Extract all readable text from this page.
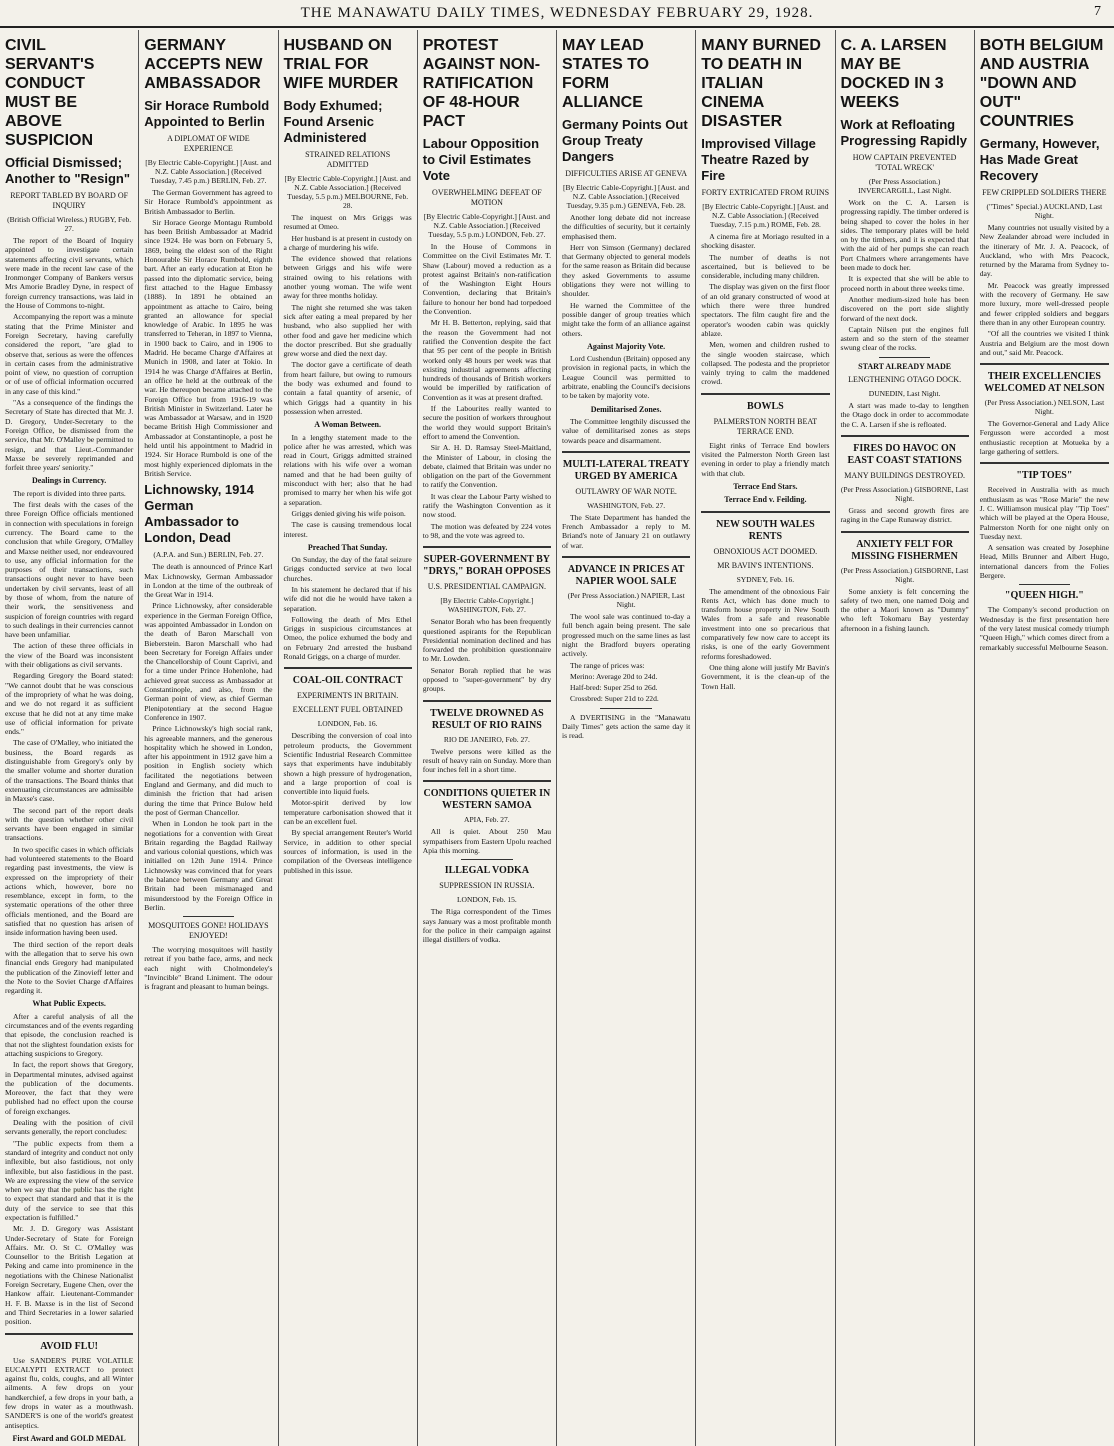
THE MANAWATU DAILY TIMES, WEDNESDAY FEBRUARY 29, 1928.	7
CIVIL SERVANT'S CONDUCT MUST BE ABOVE SUSPICION
Official Dismissed; Another to "Resign"
REPORT TABLED BY BOARD OF INQUIRY
(British Official Wireless.) RUGBY, Feb. 27.

The report of the Board of Inquiry appointed to investigate certain statements affecting civil servants, which were made in the recent law case of the Ironmonger Company of Bankers versus Mrs Amorie Bradley Dyne, in respect of foreign currency transactions, was laid in the House of Commons to-night.

Accompanying the report was a minute stating that the Prime Minister and Foreign Secretary, having carefully considered the report, "are glad to observe that, serious as were the offences in certain cases from the administrative point of view, no question of corruption or of use of official information occurred in any case of this kind."

"As a consequence of the findings the Secretary of State has directed that Mr. J. D. Gregory, Under-Secretary to the Foreign Office, be dismissed from the service, that Mr. O'Malley be permitted to resign, and that Lieut.-Commander Maxse be severely reprimanded and forfeit three years' seniority."

Dealings in Currency.

The report is divided into three parts.

The first deals with the cases of the three Foreign Office officials mentioned in connection with speculations in foreign currency. The Board came to the conclusion that while Gregory, O'Malley and Maxse neither used, nor endeavoured to use, any official information for the purposes of their transactions, such transactions ought never to have been undertaken by civil servants, least of all by those of whom, from the nature of their work, the sensitiveness and suspicion of foreign countries with regard to such dealings in their currencies cannot have been unfamiliar.

The action of these three officials in the view of the Board was inconsistent with their obligations as civil servants.

Regarding Gregory the Board stated: "We cannot doubt that he was conscious of the impropriety of what he was doing, and we do not regard it as sufficient excuse that he did not at any time make use of official information for private ends."

The case of O'Malley, who initiated the business, the Board regards as distinguishable from Gregory's only by the smaller volume and shorter duration of the transactions. The Board thinks that extenuating circumstances are admissible in Maxse's case.

The second part of the report deals with the question whether other civil servants have been engaged in similar transactions.

In two specific cases in which officials had volunteered statements to the Board regarding past investments, the view is expressed on the impropriety of their actions which, however, bore no resemblance, except in form, to the systematic operations of the other three officials mentioned, and the Board are satisfied that no question has arisen of inside information having been used.

The third section of the report deals with the allegation that to serve his own financial ends Gregory had manipulated the publication of the Zinovieff letter and the Note to the Soviet Charge d'Affaires regarding it.

What Public Expects.

After a careful analysis of all the circumstances and of the events regarding that episode, the conclusion reached is that not the slightest foundation exists for attaching suspicions to Gregory.

In fact, the report shows that Gregory, in Departmental minutes, advised against the publication of the documents. Moreover, the fact that they were published had no effect upon the course of foreign exchanges.

Dealing with the position of civil servants generally, the report concludes:

"The public expects from them a standard of integrity and conduct not only inflexible, but also fastidious, not only inflexible, but also fastidious in the past. We are expressing the view of the service when we say that the public has the right to expect that standard and that it is the duty of the service to see that this expectation is fulfilled."

Mr. J. D. Gregory was Assistant Under-Secretary of State for Foreign Affairs. Mr. O. St C. O'Malley was Counsellor to the British Legation at Peking and came into prominence in the negotiations with the Chinese Nationalist Foreign Secretary, Eugene Chen, over the Hankow affair. Lieutenant-Commander H. F. B. Maxse is in the list of Second and Third Secretaries in a lower salaried position.

AVOID FLU!

Use SANDER'S PURE VOLATILE EUCALYPTI EXTRACT to protect against flu, colds, coughs, and all Winter ailments. A few drops on your handkerchief, a few drops in your bath, a few drops in water as a mouthwash. SANDER'S is one of the world's greatest antiseptics.

First Award and GOLD MEDAL
GERMANY ACCEPTS NEW AMBASSADOR
Sir Horace Rumbold Appointed to Berlin
A DIPLOMAT OF WIDE EXPERIENCE
[By Electric Cable-Copyright.] [Aust. and N.Z. Cable Association.] (Received Tuesday, 7.45 p.m.) BERLIN, Feb. 27.

The German Government has agreed to Sir Horace Rumbold's appointment as British Ambassador to Berlin.

Sir Horace George Montagu Rumbold has been British Ambassador at Madrid since 1924. He was born on February 5, 1869, being the eldest son of the Right Honourable Sir Horace Rumbold, eighth bart. After an early education at Eton he passed into the diplomatic service, being first attached to the Hague Embassy (1888). In 1891 he obtained an appointment as attache to Cairo, being granted an allowance for special knowledge of Arabic. In 1895 he was transferred to Teheran, in 1897 to Vienna, in 1900 back to Cairo, and in 1906 to Madrid. He became Charge d'Affaires at Munich in 1908, and later at Tokio. In 1914 he was Charge d'Affaires at Berlin, an office he held at the outbreak of the war. He thereupon became attached to the Foreign Office but from 1916-19 was British Minister in Switzerland. Later he was Ambassador at Warsaw, and in 1920 became British High Commissioner and Ambassador at Constantinople, a post he held until his appointment to Madrid in 1924. Sir Horace Rumbold is one of the most highly experienced diplomats in the British Service.

Lichnowsky, 1914 German Ambassador to London, Dead
(A.P.A. and Sun.) BERLIN, Feb. 27.

The death is announced of Prince Karl Max Lichnowsky, German Ambassador in London at the time of the outbreak of the Great War in 1914.

Prince Lichnowsky, after considerable experience in the German Foreign Office, was appointed Ambassador in London on the death of Baron Marschall von Bieberstein. Baron Marschall who had been Secretary for Foreign Affairs under the Chancellorship of Count Caprivi, and for a time under Prince Hohenlohe, had achieved great success as Ambassador at Constantinople, and also, from the German point of view, as chief German Plenipotentiary at the second Hague Conference in 1907.

Prince Lichnowsky's high social rank, his agreeable manners, and the generous hospitality which he showed in London, after his appointment in 1912 gave him a position in English society which facilitated the negotiations between England and Germany, and did much to diminish the friction that had arisen during the time that Prince Bulow held the post of German Chancellor.

When in London he took part in the negotiations for a convention with Great Britain regarding the Bagdad Railway and various colonial questions, which was initialled on 12th June 1914. Prince Lichnowsky was convinced that for years the balance between Germany and Great Britain had been mismanaged and misunderstood by the Foreign Office in Berlin.

MOSQUITOES GONE! HOLIDAYS ENJOYED!

The worrying mosquitoes will hastily retreat if you bathe face, arms, and neck each night with Cholmondeley's "Invincible" Brand Liniment. The odour is fragrant and pleasant to human beings.

HUSBAND ON TRIAL FOR WIFE MURDER
Body Exhumed; Found Arsenic Administered
STRAINED RELATIONS ADMITTED
[By Electric Cable-Copyright.] [Aust. and N.Z. Cable Association.] (Received Tuesday, 5.5 p.m.) MELBOURNE, Feb. 28.

The inquest on Mrs Griggs was resumed at Omeo.

Her husband is at present in custody on a charge of murdering his wife.

The evidence showed that relations between Griggs and his wife were strained owing to his relations with another young woman. The wife went away for three months holiday.

The night she returned she was taken sick after eating a meal prepared by her husband, who also supplied her with other food and gave her medicine which the doctor prescribed. But she gradually grew worse and died the next day.

The doctor gave a certificate of death from heart failure, but owing to rumours the body was exhumed and found to contain a fatal quantity of arsenic, of which Griggs had a quantity in his possession when arrested.

A Woman Between.

In a lengthy statement made to the police after he was arrested, which was read in Court, Griggs admitted strained relations with his wife over a woman named and that he had been guilty of misconduct with her; also that he had promised to marry her when his wife got a separation.

Griggs denied giving his wife poison.

The case is causing tremendous local interest.

Preached That Sunday.

On Sunday, the day of the fatal seizure Griggs conducted service at two local churches.

In his statement he declared that if his wife did not die he would have taken a separation.

Following the death of Mrs Ethel Griggs in suspicious circumstances at Omeo, the police exhumed the body and on February 2nd arrested the husband Ronald Griggs, on a charge of murder.

COAL-OIL CONTRACT
EXPERIMENTS IN BRITAIN.
EXCELLENT FUEL OBTAINED
LONDON, Feb. 16.

Describing the conversion of coal into petroleum products, the Government Scientific Industrial Research Committee says that experiments have indubitably shown a high pressure of hydrogenation, and a large proportion of coal is convertible into liquid fuels.

Motor-spirit derived by low temperature carbonisation showed that it can be an excellent fuel.

By special arrangement Reuter's World Service, in addition to other special sources of information, is used in the compilation of the Overseas intelligence published in this issue.

PROTEST AGAINST NON-RATIFICATION OF 48-HOUR PACT
Labour Opposition to Civil Estimates Vote
OVERWHELMING DEFEAT OF MOTION
[By Electric Cable-Copyright.] [Aust. and N.Z. Cable Association.] (Received Tuesday, 5.5 p.m.) LONDON, Feb. 27.

In the House of Commons in Committee on the Civil Estimates Mr. T. Shaw (Labour) moved a reduction as a protest against Britain's non-ratification of the Washington Eight Hours Convention, declaring that Britain's failure to honour her bond had torpedoed the Convention.

Mr H. B. Betterton, replying, said that the reason the Government had not ratified the Convention despite the fact that 95 per cent of the people in British worked only 48 hours per week was that existing industrial agreements affecting hundreds of thousands of British workers would be imperilled by ratification of Convention as it was at present drafted.

If the Labourites really wanted to secure the position of workers throughout the world they would support Britain's effort to amend the Convention.

Sir A. H. D. Ramsay Steel-Maitland, the Minister of Labour, in closing the debate, claimed that Britain was under no obligation on the part of the Government to ratify the Convention.

It was clear the Labour Party wished to ratify the Washington Convention as it now stood.

The motion was defeated by 224 votes to 98, and the vote was agreed to.

SUPER-GOVERNMENT BY "DRYS," BORAH OPPOSES
U.S. PRESIDENTIAL CAMPAIGN.
[By Electric Cable-Copyright.] WASHINGTON, Feb. 27.

Senator Borah who has been frequently questioned aspirants for the Republican Presidential nomination declined and has forwarded the prohibition questionnaire to Mr. Lowden.

Senator Borah replied that he was opposed to "super-government" by dry groups.

TWELVE DROWNED AS RESULT OF RIO RAINS
RIO DE JANEIRO, Feb. 27.

Twelve persons were killed as the result of heavy rain on Sunday. More than four inches fell in a short time.

CONDITIONS QUIETER IN WESTERN SAMOA
APIA, Feb. 27.

All is quiet. About 250 Mau sympathisers from Eastern Upolu reached Apia this morning.

ILLEGAL VODKA
SUPPRESSION IN RUSSIA.
LONDON, Feb. 15.

The Riga correspondent of the Times says January was a most profitable month for the police in their campaign against illegal distillers of vodka.

MAY LEAD STATES TO FORM ALLIANCE
Germany Points Out Group Treaty Dangers
DIFFICULTIES ARISE AT GENEVA
[By Electric Cable-Copyright.] [Aust. and N.Z. Cable Association.] (Received Tuesday, 9.35 p.m.) GENEVA, Feb. 28.

Another long debate did not increase the difficulties of security, but it certainly emphasised them.

Herr von Simson (Germany) declared that Germany objected to general models for the same reason as Britain did because they asked Governments to assume obligations they were not willing to shoulder.

He warned the Committee of the possible danger of group treaties which might take the form of an alliance against others.

Against Majority Vote.

Lord Cushendun (Britain) opposed any provision in regional pacts, in which the League Council was permitted to arbitrate, enabling the Council's decisions to be taken by majority vote.

Demilitarised Zones.

The Committee lengthily discussed the value of demilitarised zones as steps towards peace and disarmament.

MULTI-LATERAL TREATY URGED BY AMERICA
OUTLAWRY OF WAR NOTE.
WASHINGTON, Feb. 27.

The State Department has handed the French Ambassador a reply to M. Briand's note of January 21 on outlawry of war.

ADVANCE IN PRICES AT NAPIER WOOL SALE
(Per Press Association.) NAPIER, Last Night.

The wool sale was continued to-day a full bench again being present. The sale progressed much on the same lines as last night the Bradford buyers operating actively.

The range of prices was:

Merino: Average 20d to 24d.

Half-bred: Super 25d to 26d.

Crossbred: Super 21d to 22d.

A DVERTISING in the "Manawatu Daily Times" gets action the same day it is read.

MANY BURNED TO DEATH IN ITALIAN CINEMA DISASTER
Improvised Village Theatre Razed by Fire
FORTY EXTRICATED FROM RUINS
[By Electric Cable-Copyright.] [Aust. and N.Z. Cable Association.] (Received Tuesday, 7.15 p.m.) ROME, Feb. 28.

A cinema fire at Moriago resulted in a shocking disaster.

The number of deaths is not ascertained, but is believed to be considerable, including many children.

The display was given on the first floor of an old granary constructed of wood at which there were three hundred spectators. The film caught fire and the operator's wooden cabin was quickly ablaze.

Men, women and children rushed to the single wooden staircase, which collapsed. The podesta and the proprietor vainly trying to calm the maddened crowd.

BOWLS
PALMERSTON NORTH BEAT TERRACE END.

Eight rinks of Terrace End bowlers visited the Palmerston North Green last evening in order to play a friendly match with that club.

Terrace End Stars.
Terrace End v. Feilding.
NEW SOUTH WALES RENTS
OBNOXIOUS ACT DOOMED.
MR BAVIN'S INTENTIONS.
SYDNEY, Feb. 16.

The amendment of the obnoxious Fair Rents Act, which has done much to transform house property in New South Wales from a safe and reasonable investment into one so precarious that comparatively few now care to accept its risks, is one of the early Government reforms foreshadowed.

One thing alone will justify Mr Bavin's Government, it is the clean-up of the Town Hall.

C. A. LARSEN MAY BE DOCKED IN 3 WEEKS
Work at Refloating Progressing Rapidly
HOW CAPTAIN PREVENTED 'TOTAL WRECK'
(Per Press Association.) INVERCARGILL, Last Night.

Work on the C. A. Larsen is progressing rapidly. The timber ordered is being shaped to cover the holes in her sides. The temporary plates will be held on by the timbers, and it is expected that with the aid of her pumps she can reach Port Chalmers where arrangements have been made to dock her.

It is expected that she will be able to proceed north in about three weeks time.

Another medium-sized hole has been discovered on the port side slightly forward of the next dock.

Captain Nilsen put the engines full astern and so the stern of the steamer swung clear of the rocks.

START ALREADY MADE
LENGTHENING OTAGO DOCK.
DUNEDIN, Last Night.

A start was made to-day to lengthen the Otago dock in order to accommodate the C. A. Larsen if she is refloated.

FIRES DO HAVOC ON EAST COAST STATIONS
MANY BUILDINGS DESTROYED.
(Per Press Association.) GISBORNE, Last Night.

Grass and second growth fires are raging in the Cape Runaway district.

ANXIETY FELT FOR MISSING FISHERMEN
(Per Press Association.) GISBORNE, Last Night.

Some anxiety is felt concerning the safety of two men, one named Doig and the other a Maori known as "Dummy" who left Tokomaru Bay yesterday afternoon in a fishing launch.

BOTH BELGIUM AND AUSTRIA "DOWN AND OUT" COUNTRIES
Germany, However, Has Made Great Recovery
FEW CRIPPLED SOLDIERS THERE
("Times" Special.) AUCKLAND, Last Night.

Many countries not usually visited by a New Zealander abroad were included in the itinerary of Mr. J. A. Peacock, of Auckland, who with Mrs Peacock, returned by the Marama from Sydney to-day.

Mr. Peacock was greatly impressed with the recovery of Germany. He saw more luxury, more well-dressed people and fewer crippled soldiers and beggars there than in any other European country.

"Of all the countries we visited I think Austria and Belgium are the most down and out," said Mr. Peacock.

THEIR EXCELLENCIES WELCOMED AT NELSON
(Per Press Association.) NELSON, Last Night.

The Governor-General and Lady Alice Fergusson were accorded a most enthusiastic reception at Motueka by a large gathering of settlers.

"TIP TOES"

Received in Australia with as much enthusiasm as was "Rose Marie" the new J. C. Williamson musical play "Tip Toes" which will be played at the Opera House, Palmerston North for one night only on Tuesday next.

A sensation was created by Josephine Head, Mills Brunner and Albert Hugo, international dancers from the Folies Bergere.

"QUEEN HIGH."

The Company's second production on Wednesday is the first presentation here of the very latest musical comedy triumph "Queen High," which comes direct from a remarkably successful Melbourne Season.
